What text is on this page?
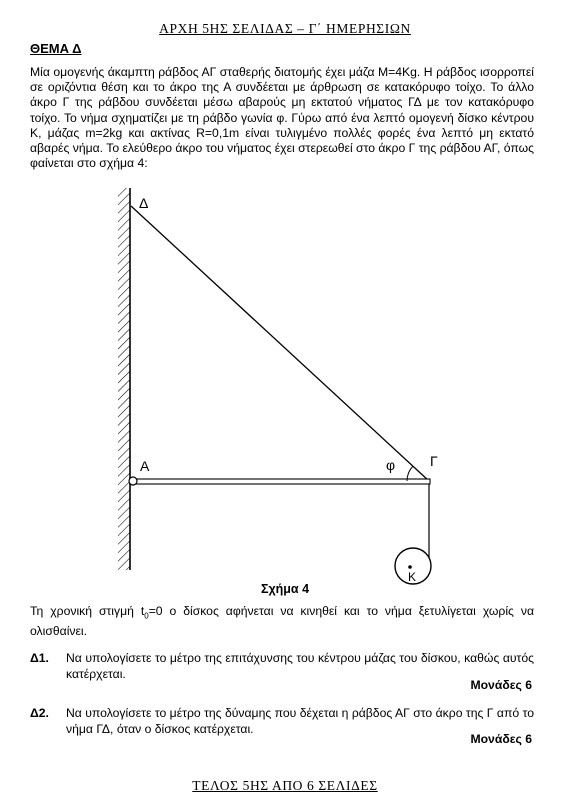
ΑΡΧΗ 5ΗΣ ΣΕΛΙΔΑΣ – Γ΄ ΗΜΕΡΗΣΙΩΝ
ΘΕΜΑ Δ
Μία ομογενής άκαμπτη ράβδος ΑΓ σταθερής διατομής έχει μάζα Μ=4Kg. Η ράβδος ισορροπεί σε οριζόντια θέση και το άκρο της Α συνδέεται με άρθρωση σε κατακόρυφο τοίχο. Το άλλο άκρο Γ της ράβδου συνδέεται μέσω αβαρούς μη εκτατού νήματος ΓΔ με τον κατακόρυφο τοίχο. Το νήμα σχηματίζει με τη ράβδο γωνία φ. Γύρω από ένα λεπτό ομογενή δίσκο κέντρου Κ, μάζας m=2kg και ακτίνας R=0,1m είναι τυλιγμένο πολλές φορές ένα λεπτό μη εκτατό αβαρές νήμα. Το ελεύθερο άκρο του νήματος έχει στερεωθεί στο άκρο Γ της ράβδου ΑΓ, όπως φαίνεται στο σχήμα 4:
Δ
Α	φ Γ
Κ
Σχήμα 4
Τη χρονική στιγμή $t_0=0$ ο δίσκος αφήνεται να κινηθεί και το νήμα ξετυλίγεται χωρίς να ολισθαίνει.
Δ1. Να υπολογίσετε το μέτρο της επιτάχυνσης του κέντρου μάζας του δίσκου, καθώς αυτός κατέρχεται.
Μονάδες 6
Δ2. Να υπολογίσετε το μέτρο της δύναμης που δέχεται η ράβδος ΑΓ στο άκρο της Γ από το νήμα ΓΔ, όταν ο δίσκος κατέρχεται.
Μονάδες 6
ΤΕΛΟΣ 5ΗΣ ΑΠΟ 6 ΣΕΛΙΔΕΣ
